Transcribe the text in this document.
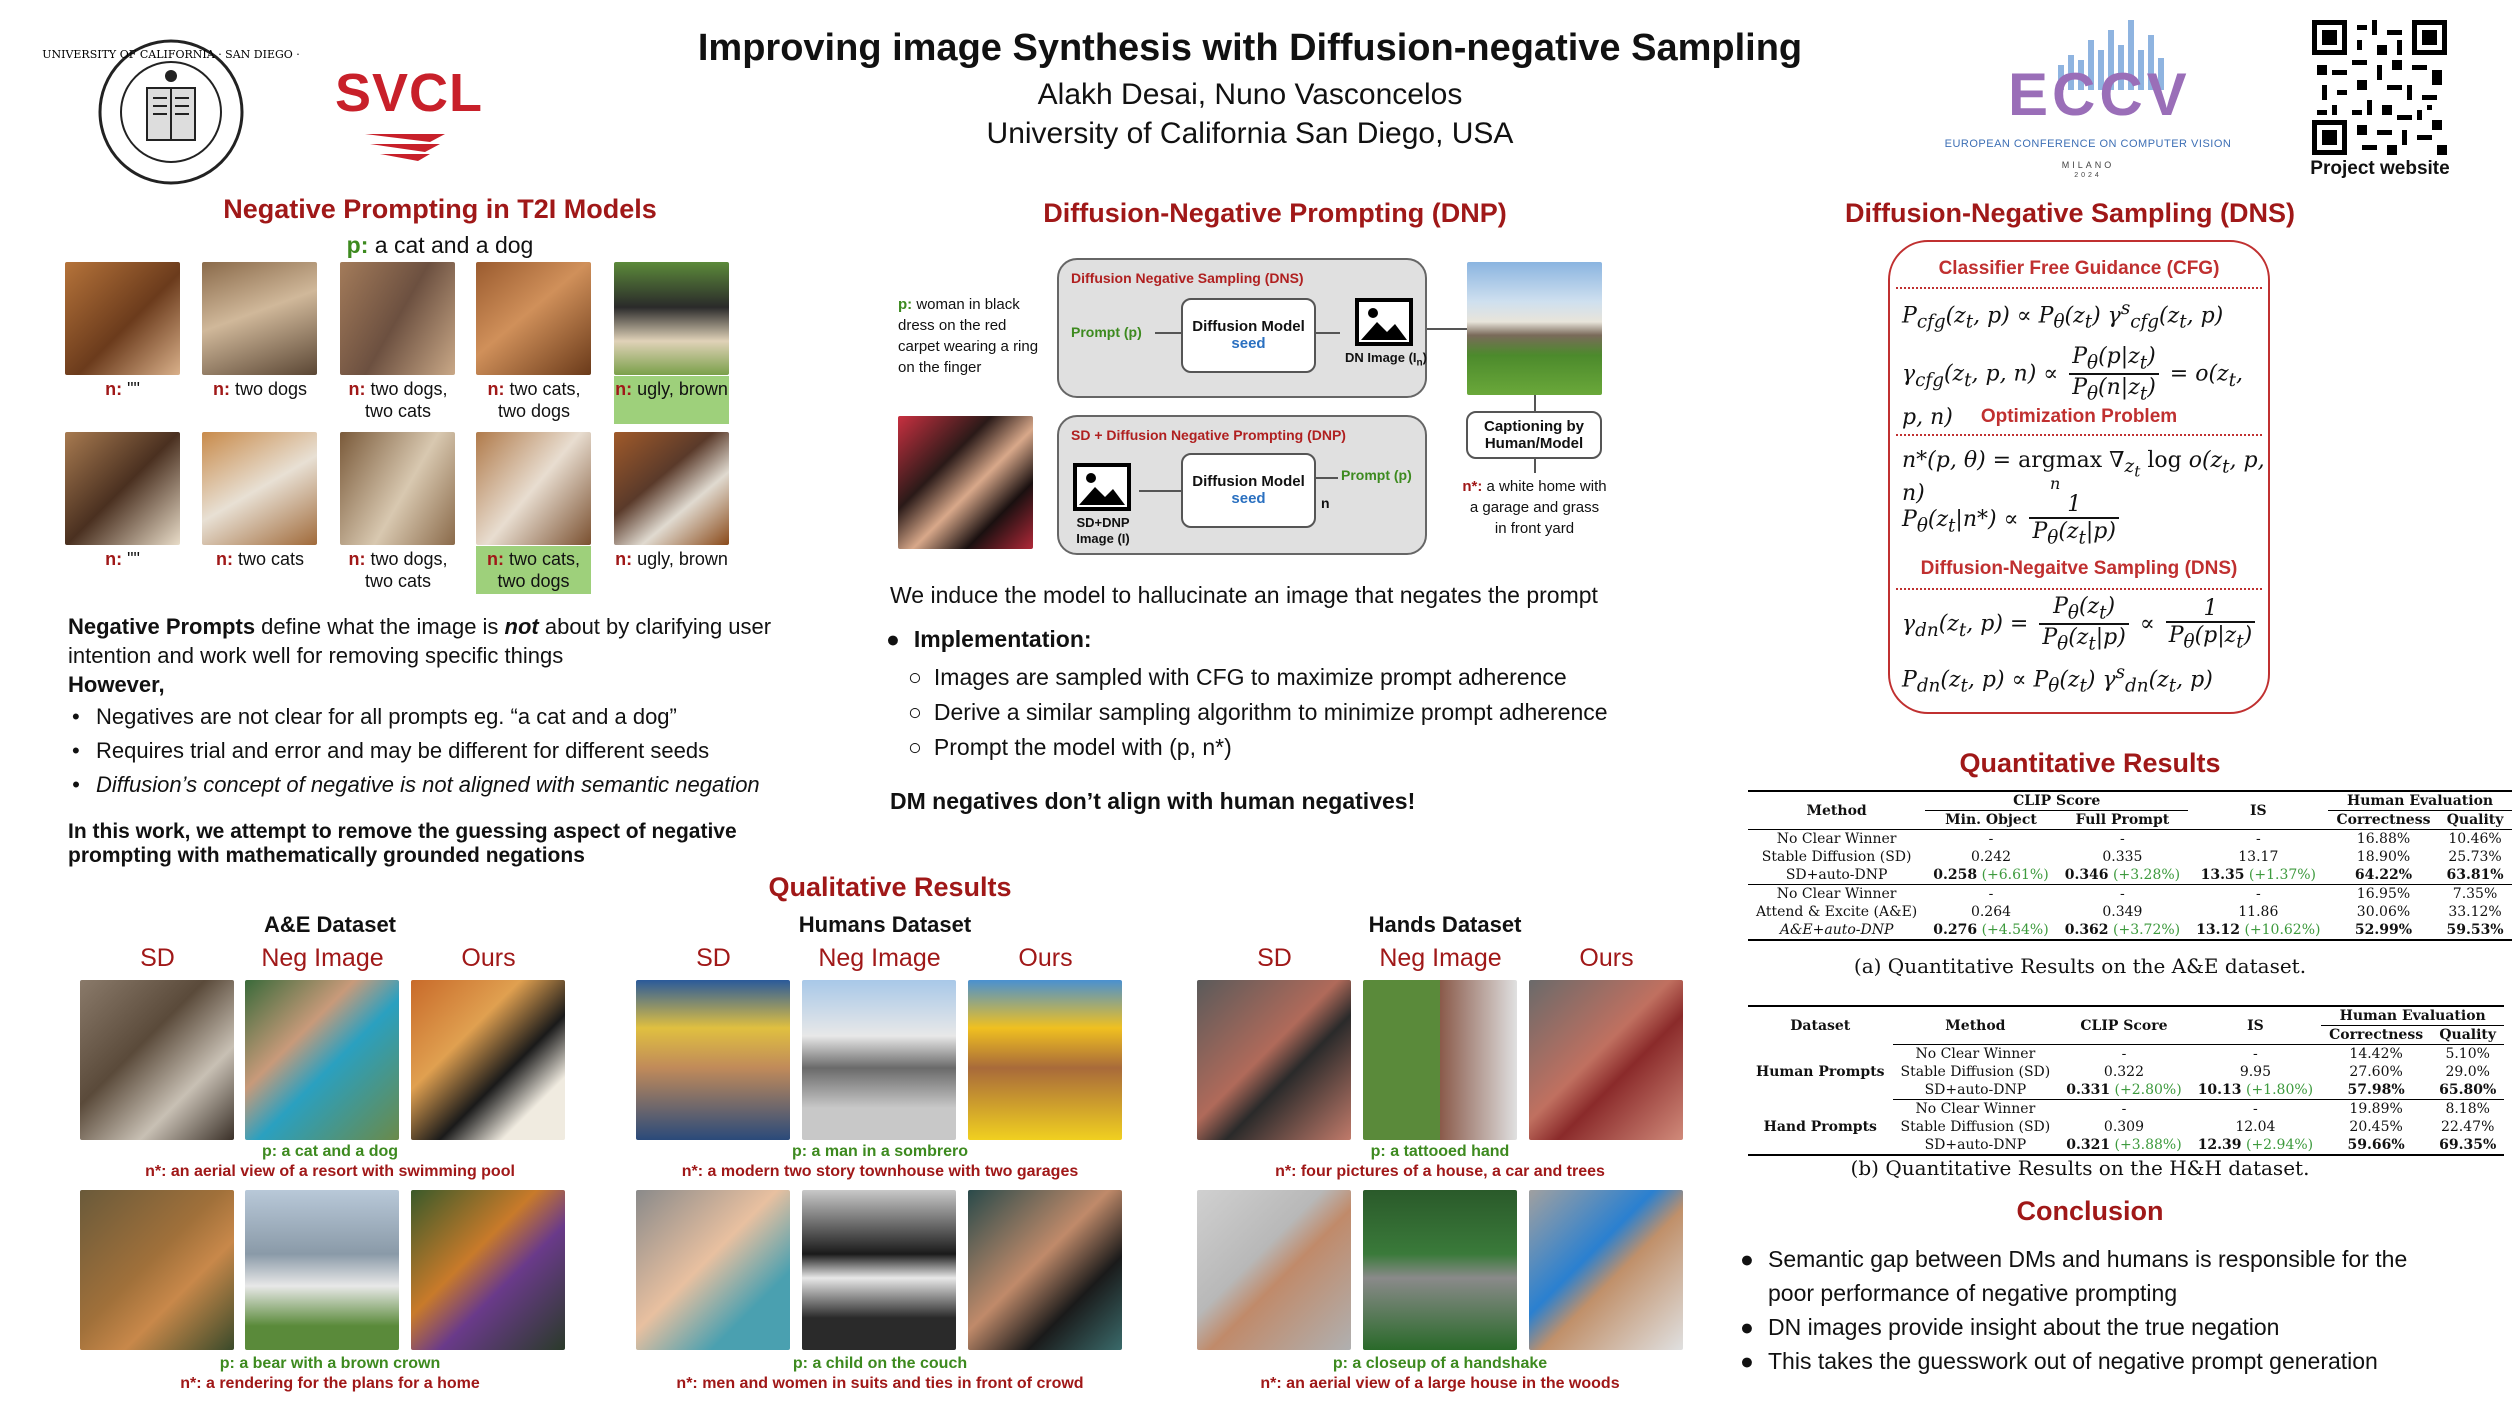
UNIVERSITY OF CALIFORNIA · SAN DIEGO ·
SVCL
Improving image Synthesis with Diffusion-negative Sampling
Alakh Desai, Nuno Vasconcelos
University of California San Diego, USA
ECCV
EUROPEAN CONFERENCE ON COMPUTER VISION
MILANO
2024	Project website
Negative Prompting in T2I Models
p: a cat and a dog
n: ""	n: two dogs	n: two dogs, two cats
n: two cats, two dogs
n: ugly, brown
n: ""	n: two cats	n: two dogs, two cats
n: two cats, two dogs
n: ugly, brown
Negative Prompts define what the image is not about by clarifying user intention and work well for removing specific things
However,
• Negatives are not clear for all prompts eg. “a cat and a dog”
• Requires trial and error and may be different for different seeds
• Diffusion’s concept of negative is not aligned with semantic negation
In this work, we attempt to remove the guessing aspect of negative prompting with mathematically grounded negations
Diffusion-Negative Prompting (DNP)
p: woman in black dress on the red carpet wearing a ring on the finger
Diffusion Negative Sampling (DNS)
Prompt (p)	Diffusion Model
seed
DN Image $(I_n)$
Captioning by Human/Model
n*: a white home with a garage and grass in front yard
SD + Diffusion Negative Prompting (DNP)
SD+DNP Image (I)
Diffusion Model
seed
Prompt (p)
n
We induce the model to hallucinate an image that negates the prompt
● Implementation:
○ Images are sampled with CFG to maximize prompt adherence
○ Derive a similar sampling algorithm to minimize prompt adherence
○ Prompt the model with (p, n*)
DM negatives don’t align with human negatives!
Diffusion-Negative Sampling (DNS)
Classifier Free Guidance (CFG)
$P_{cfg}(z_t$, $p) \propto P_\theta(z_t)$ $\gamma^s_{cfg}(z_t$, p)
$\gamma_{cfg}(z_t$, p, $n) \propto \frac{P_\theta(p|z_t)}{P_\theta(n|z_t)} = o(z_t$, p, n)	Optimization Problem
n*(p, θ) = argmax $\nabla_{z_t}$ $\log o(z_t$, p, n)	n
$P_\theta(z_t|n*) \propto \frac{1}{P_\theta(z_t|p)}$
Diffusion-Negaitve Sampling (DNS)
$\gamma_{dn}(z_t$, $p) = \frac{P_\theta(z_t)}{P_\theta(z_t|p)} \propto \frac{1}{P_\theta(p|z_t)}$
$P_{dn}(z_t$, $p) \propto P_\theta(z_t)$ $\gamma^s_{dn}(z_t$, p)
Qualitative Results
A&E Dataset
SD	Neg Image	Ours
p: a cat and a dog
n*: an aerial view of a resort with swimming pool
p: a bear with a brown crown
n*: a rendering for the plans for a home
Humans Dataset
SD	Neg Image	Ours
p: a man in a sombrero
n*: a modern two story townhouse with two garages
p: a child on the couch
n*: men and women in suits and ties in front of crowd
Hands Dataset
SD	Neg Image	Ours
p: a tattooed hand
n*: four pictures of a house, a car and trees
p: a closeup of a handshake
n*: an aerial view of a large house in the woods
Quantitative Results
Method	CLIP Score		IS	Human Evaluation	
	Min. Object	Full Prompt		Correctness	Quality
No Clear Winner	-	-	-	16.88%	10.46%
Stable Diffusion (SD)	0.242	0.335	13.17	18.90%	25.73%
SD+auto-DNP	0.258 (+6.61%)	0.346 (+3.28%)	13.35 (+1.37%)	64.22%	63.81%
No Clear Winner	-	-	-	16.95%	7.35%
Attend & Excite (A&E)	0.264	0.349	11.86	30.06%	33.12%
A&E+auto-DNP	0.276 (+4.54%)	0.362 (+3.72%)	13.12 (+10.62%)	52.99%	59.53%
(a) Quantitative Results on the A&E dataset.
Dataset	Method	CLIP Score	IS	Human Evaluation	
				Correctness	Quality
Human Prompts	No Clear Winner	-	-	14.42%	5.10%
	Stable Diffusion (SD)	0.322	9.95	27.60%	29.0%
	SD+auto-DNP	0.331 (+2.80%)	10.13 (+1.80%)	57.98%	65.80%
Hand Prompts	No Clear Winner	-	-	19.89%	8.18%
	Stable Diffusion (SD)	0.309	12.04	20.45%	22.47%
	SD+auto-DNP	0.321 (+3.88%)	12.39 (+2.94%)	59.66%	69.35%
(b) Quantitative Results on the H&H dataset.
Conclusion
● Semantic gap between DMs and humans is responsible for the poor performance of negative prompting
● DN images provide insight about the true negation
● This takes the guesswork out of negative prompt generation
